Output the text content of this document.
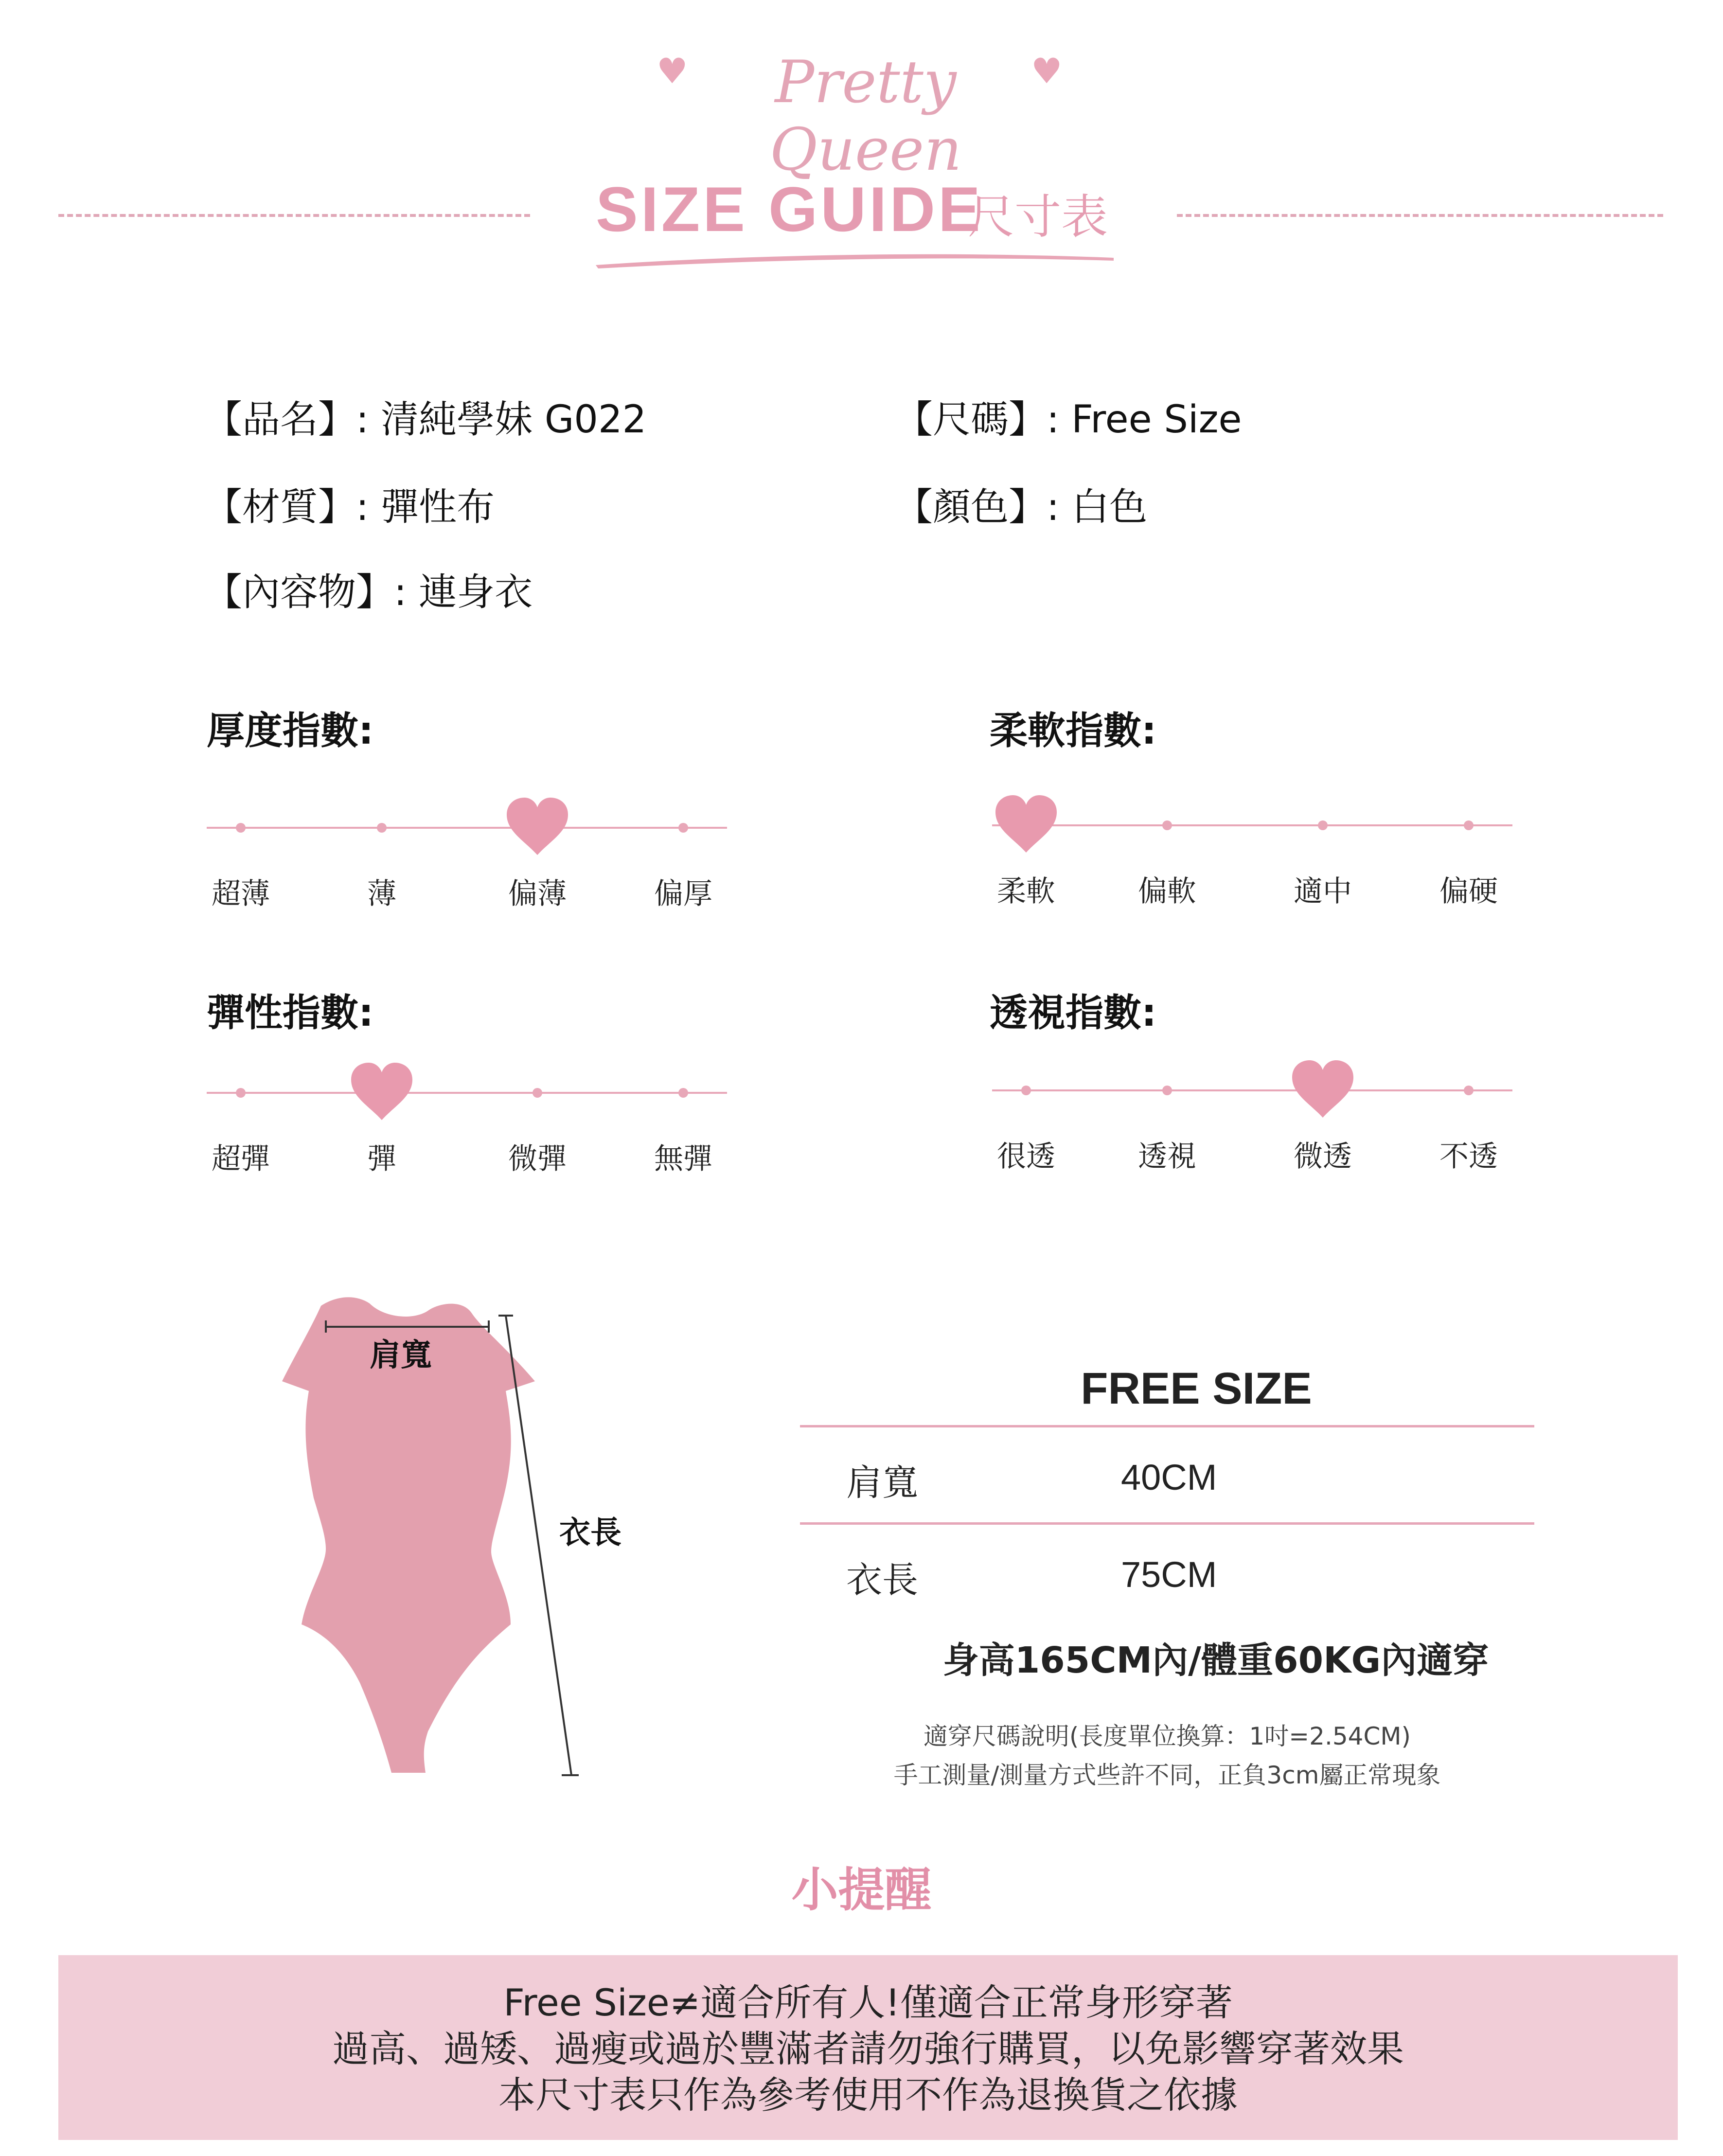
♥	Pretty Queen
♥
SIZE GUIDE
尺寸表
【品名】: 清純學妹 G022	【尺碼】: Free Size
【材質】: 彈性布	【顏色】: 白色
【內容物】: 連身衣
厚度指數:
超薄	薄	偏薄	偏厚
柔軟指數:
柔軟	偏軟	適中	偏硬
彈性指數:
超彈	彈	微彈	無彈
透視指數:
很透	透視	微透	不透
肩寬
衣長
FREE SIZE
肩寬	40CM
衣長	75CM
身高165CM內/體重60KG內適穿
適穿尺碼說明(長度單位換算：1吋=2.54CM)
手工測量/測量方式些許不同，正負3cm屬正常現象
小提醒
Free Size≠適合所有人!僅適合正常身形穿著
過高、過矮、過瘦或過於豐滿者請勿強行購買，以免影響穿著效果
本尺寸表只作為參考使用不作為退換貨之依據
